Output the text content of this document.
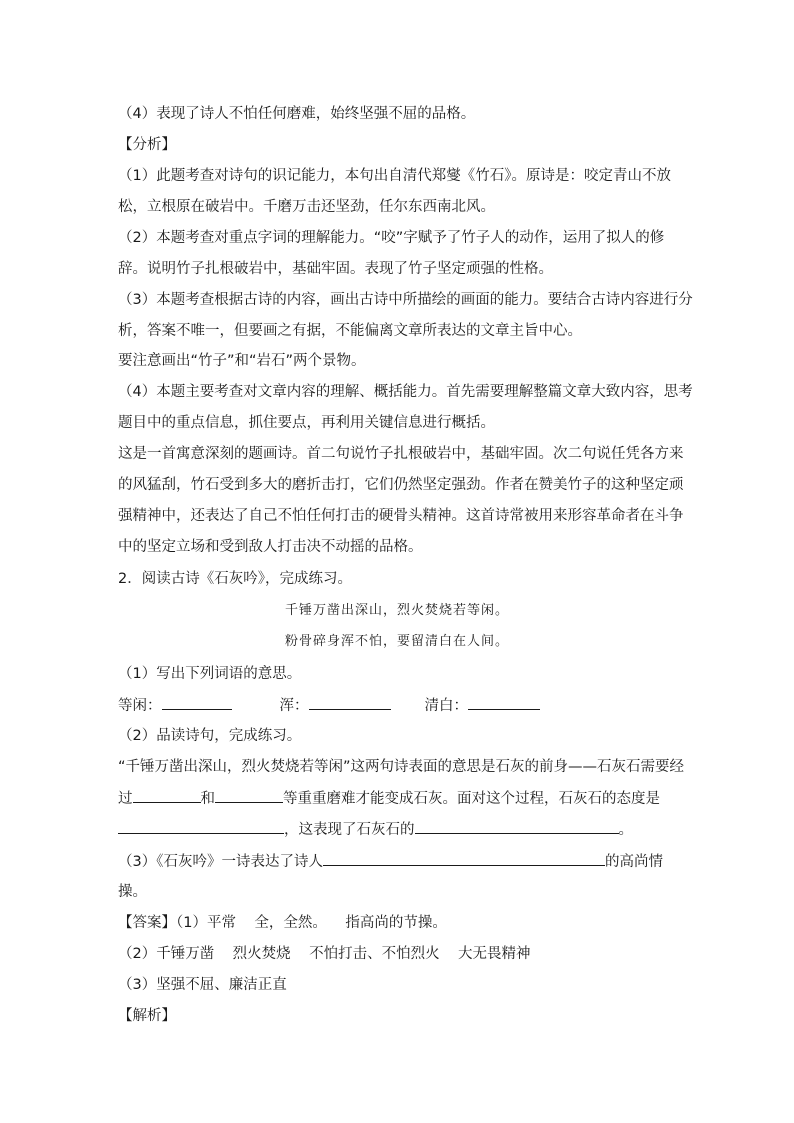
（4）表现了诗人不怕任何磨难，始终坚强不屈的品格。
【分析】
（1）此题考查对诗句的识记能力，本句出自清代郑燮《竹石》。原诗是：咬定青山不放
松，立根原在破岩中。千磨万击还坚劲，任尔东西南北风。
（2）本题考查对重点字词的理解能力。“咬”字赋予了竹子人的动作，运用了拟人的修
辞。说明竹子扎根破岩中，基础牢固。表现了竹子坚定顽强的性格。
（3）本题考查根据古诗的内容，画出古诗中所描绘的画面的能力。要结合古诗内容进行分
析，答案不唯一，但要画之有据，不能偏离文章所表达的文章主旨中心。
要注意画出“竹子”和“岩石”两个景物。
（4）本题主要考查对文章内容的理解、概括能力。首先需要理解整篇文章大致内容，思考
题目中的重点信息，抓住要点，再利用关键信息进行概括。
这是一首寓意深刻的题画诗。首二句说竹子扎根破岩中，基础牢固。次二句说任凭各方来
的风猛刮，竹石受到多大的磨折击打，它们仍然坚定强劲。作者在赞美竹子的这种坚定顽
强精神中，还表达了自己不怕任何打击的硬骨头精神。这首诗常被用来形容革命者在斗争
中的坚定立场和受到敌人打击决不动摇的品格。
2．阅读古诗《石灰吟》，完成练习。
千锤万凿出深山，烈火焚烧若等闲。
粉骨碎身浑不怕，要留清白在人间。
（1）写出下列词语的意思。
等闲：	浑：	清白：
（2）品读诗句，完成练习。
“千锤万凿出深山，烈火焚烧若等闲”这两句诗表面的意思是石灰的前身——石灰石需要经
过	和	等重重磨难才能变成石灰。面对这个过程，石灰石的态度是
，这表现了石灰石的	。
（3）《石灰吟》一诗表达了诗人	的高尚情
操。
【答案】（1）平常    全，全然。    指高尚的节操。
（2）千锤万凿    烈火焚烧    不怕打击、不怕烈火    大无畏精神
（3）坚强不屈、廉洁正直
【解析】
